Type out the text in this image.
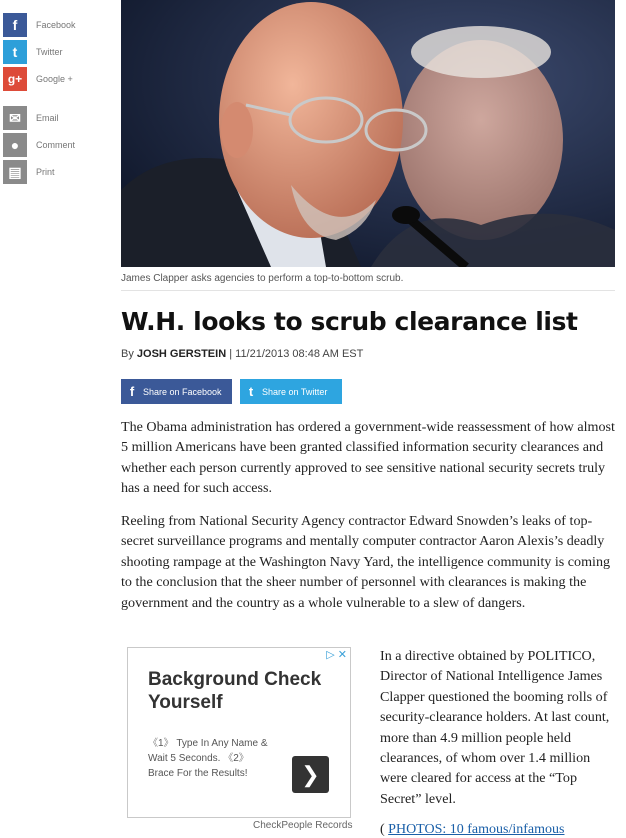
f	Facebook
t	Twitter
g+	Google +
✉	Email
●	Comment
▤	Print
James Clapper asks agencies to perform a top-to-bottom scrub.
W.H. looks to scrub clearance list
By JOSH GERSTEIN | 11/21/2013 08:48 AM EST
f Share on Facebook	t Share on Twitter

The Obama administration has ordered a government-wide reassessment of how almost 5 million Americans have been granted classified information security clearances and whether each person currently approved to see sensitive national security secrets truly has a need for such access.

Reeling from National Security Agency contractor Edward Snowden’s leaks of top-secret surveillance programs and mentally computer contractor Aaron Alexis’s deadly shooting rampage at the Washington Navy Yard, the intelligence community is coming to the conclusion that the sheer number of personnel with clearances is making the government and the country as a whole vulnerable to a slew of dangers.

▷ ✕
Background Check Yourself
《1》 Type In Any Name & Wait 5 Seconds. 《2》 Brace For the Results!	❯
CheckPeople Records

In a directive obtained by POLITICO, Director of National Intelligence James Clapper questioned the booming rolls of security-clearance holders. At last count, more than 4.9 million people held clearances, of whom over 1.4 million were cleared for access at the “Top Secret” level.

( PHOTOS: 10 famous/infamous
